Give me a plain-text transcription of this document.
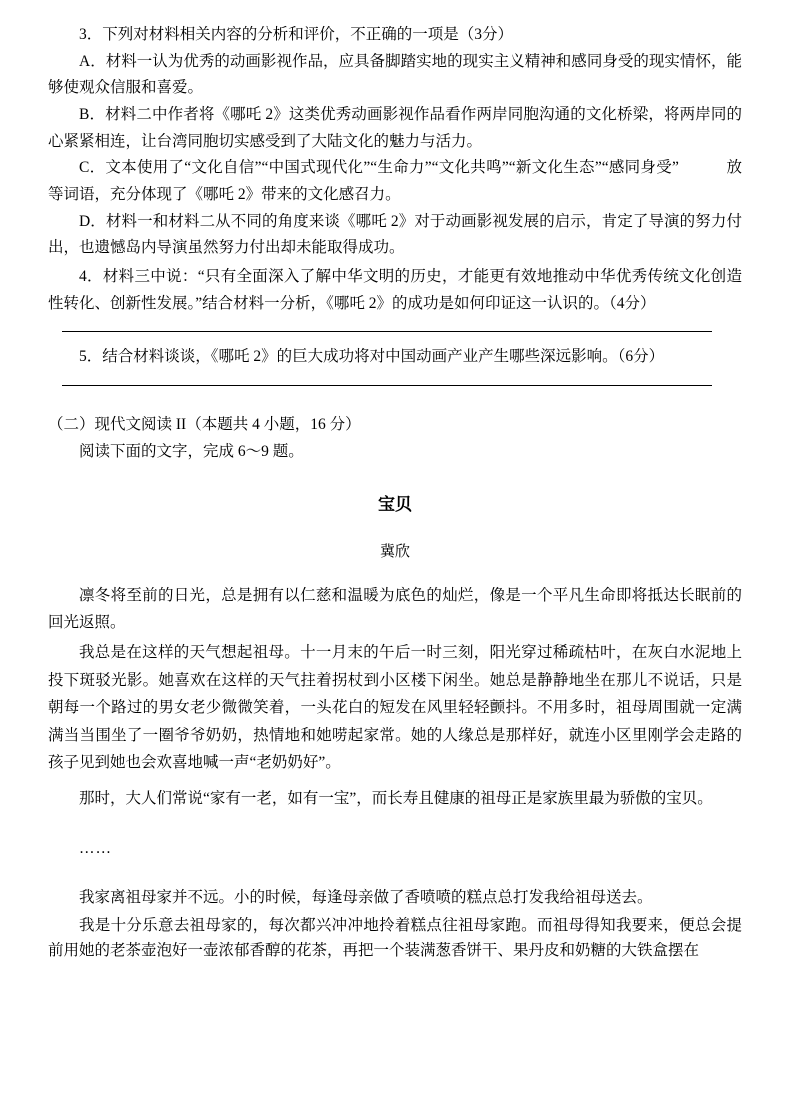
3．下列对材料相关内容的分析和评价，不正确的一项是（3分）

A．材料一认为优秀的动画影视作品，应具备脚踏实地的现实主义精神和感同身受的现实情怀，能够使观众信服和喜爱。

B．材料二中作者将《哪吒 2》这类优秀动画影视作品看作两岸同胞沟通的文化桥梁，将两岸同的心紧紧相连，让台湾同胞切实感受到了大陆文化的魅力与活力。

C．文本使用了“文化自信”“中国式现代化”“生命力”“文化共鸣”“新文化生态”“感同身受”　　　放等词语，充分体现了《哪吒 2》带来的文化感召力。

D．材料一和材料二从不同的角度来谈《哪吒 2》对于动画影视发展的启示，肯定了导演的努力付出，也遗憾岛内导演虽然努力付出却未能取得成功。

4．材料三中说：“只有全面深入了解中华文明的历史，才能更有效地推动中华优秀传统文化创造性转化、创新性发展。”结合材料一分析，《哪吒 2》的成功是如何印证这一认识的。（4分）

5．结合材料谈谈，《哪吒 2》的巨大成功将对中国动画产业产生哪些深远影响。（6分）

（二）现代文阅读 II（本题共 4 小题，16 分）

阅读下面的文字，完成 6～9 题。

宝贝

冀欣

凛冬将至前的日光，总是拥有以仁慈和温暖为底色的灿烂，像是一个平凡生命即将抵达长眠前的回光返照。

我总是在这样的天气想起祖母。十一月末的午后一时三刻，阳光穿过稀疏枯叶，在灰白水泥地上投下斑驳光影。她喜欢在这样的天气拄着拐杖到小区楼下闲坐。她总是静静地坐在那儿不说话，只是朝每一个路过的男女老少微微笑着，一头花白的短发在风里轻轻颤抖。不用多时，祖母周围就一定满满当当围坐了一圈爷爷奶奶，热情地和她唠起家常。她的人缘总是那样好，就连小区里刚学会走路的孩子见到她也会欢喜地喊一声“老奶奶好”。

那时，大人们常说“家有一老，如有一宝”，而长寿且健康的祖母正是家族里最为骄傲的宝贝。

……

我家离祖母家并不远。小的时候，每逢母亲做了香喷喷的糕点总打发我给祖母送去。

我是十分乐意去祖母家的，每次都兴冲冲地拎着糕点往祖母家跑。而祖母得知我要来，便总会提前用她的老茶壶泡好一壶浓郁香醇的花茶，再把一个装满葱香饼干、果丹皮和奶糖的大铁盒摆在
